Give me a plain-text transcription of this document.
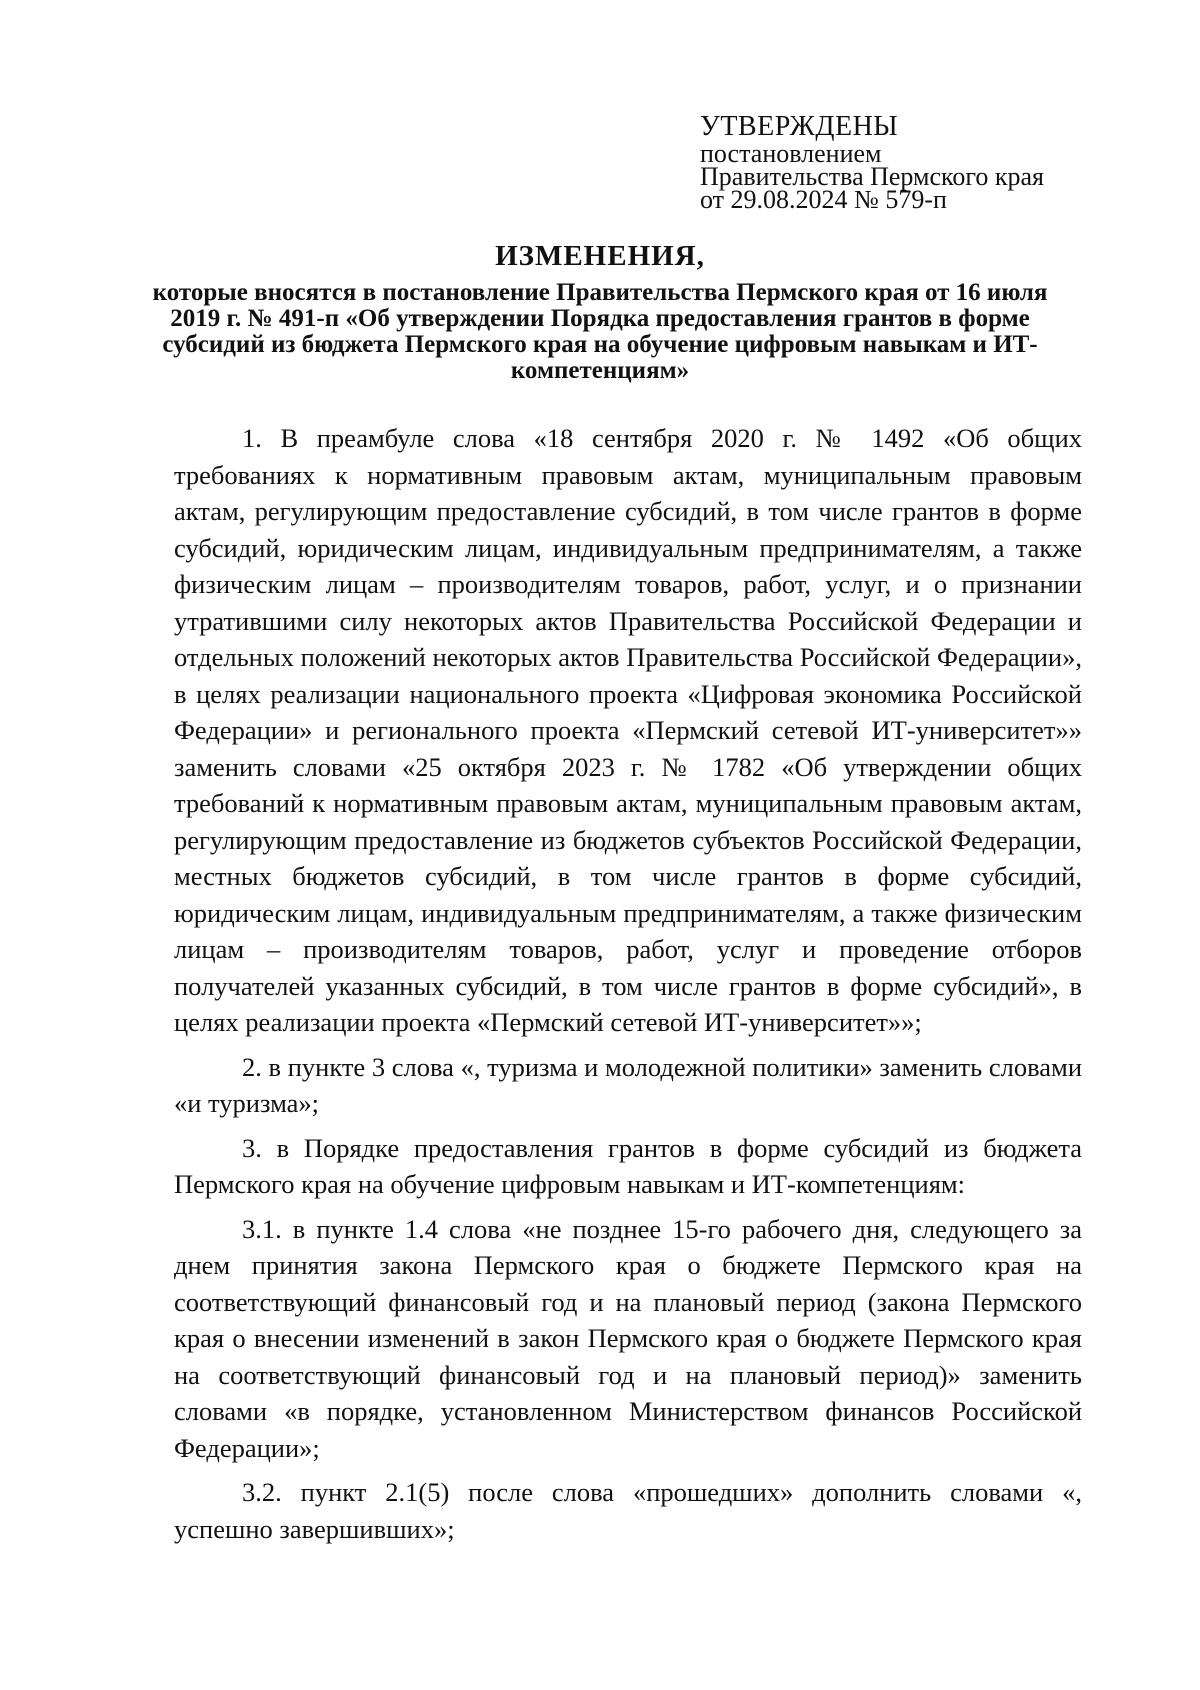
УТВЕРЖДЕНЫ
постановлением
Правительства Пермского края
от 29.08.2024 № 579-п
ИЗМЕНЕНИЯ,
которые вносятся в постановление Правительства Пермского края от 16 июля 2019 г. № 491-п «Об утверждении Порядка предоставления грантов в форме субсидий из бюджета Пермского края на обучение цифровым навыкам и ИТ-компетенциям»

1. В преамбуле слова «18 сентября 2020 г. № 1492 «Об общих требованиях к нормативным правовым актам, муниципальным правовым актам, регулирующим предоставление субсидий, в том числе грантов в форме субсидий, юридическим лицам, индивидуальным предпринимателям, а также физическим лицам – производителям товаров, работ, услуг, и о признании утратившими силу некоторых актов Правительства Российской Федерации и отдельных положений некоторых актов Правительства Российской Федерации», в целях реализации национального проекта «Цифровая экономика Российской Федерации» и регионального проекта «Пермский сетевой ИТ-университет»» заменить словами «25 октября 2023 г. № 1782 «Об утверждении общих требований к нормативным правовым актам, муниципальным правовым актам, регулирующим предоставление из бюджетов субъектов Российской Федерации, местных бюджетов субсидий, в том числе грантов в форме субсидий, юридическим лицам, индивидуальным предпринимателям, а также физическим лицам – производителям товаров, работ, услуг и проведение отборов получателей указанных субсидий, в том числе грантов в форме субсидий», в целях реализации проекта «Пермский сетевой ИТ-университет»»;

2. в пункте 3 слова «, туризма и молодежной политики» заменить словами «и туризма»;

3. в Порядке предоставления грантов в форме субсидий из бюджета Пермского края на обучение цифровым навыкам и ИТ-компетенциям:

3.1. в пункте 1.4 слова «не позднее 15-го рабочего дня, следующего за днем принятия закона Пермского края о бюджете Пермского края на соответствующий финансовый год и на плановый период (закона Пермского края о внесении изменений в закон Пермского края о бюджете Пермского края на соответствующий финансовый год и на плановый период)» заменить словами «в порядке, установленном Министерством финансов Российской Федерации»;

3.2. пункт 2.1(5) после слова «прошедших» дополнить словами «, успешно завершивших»;
